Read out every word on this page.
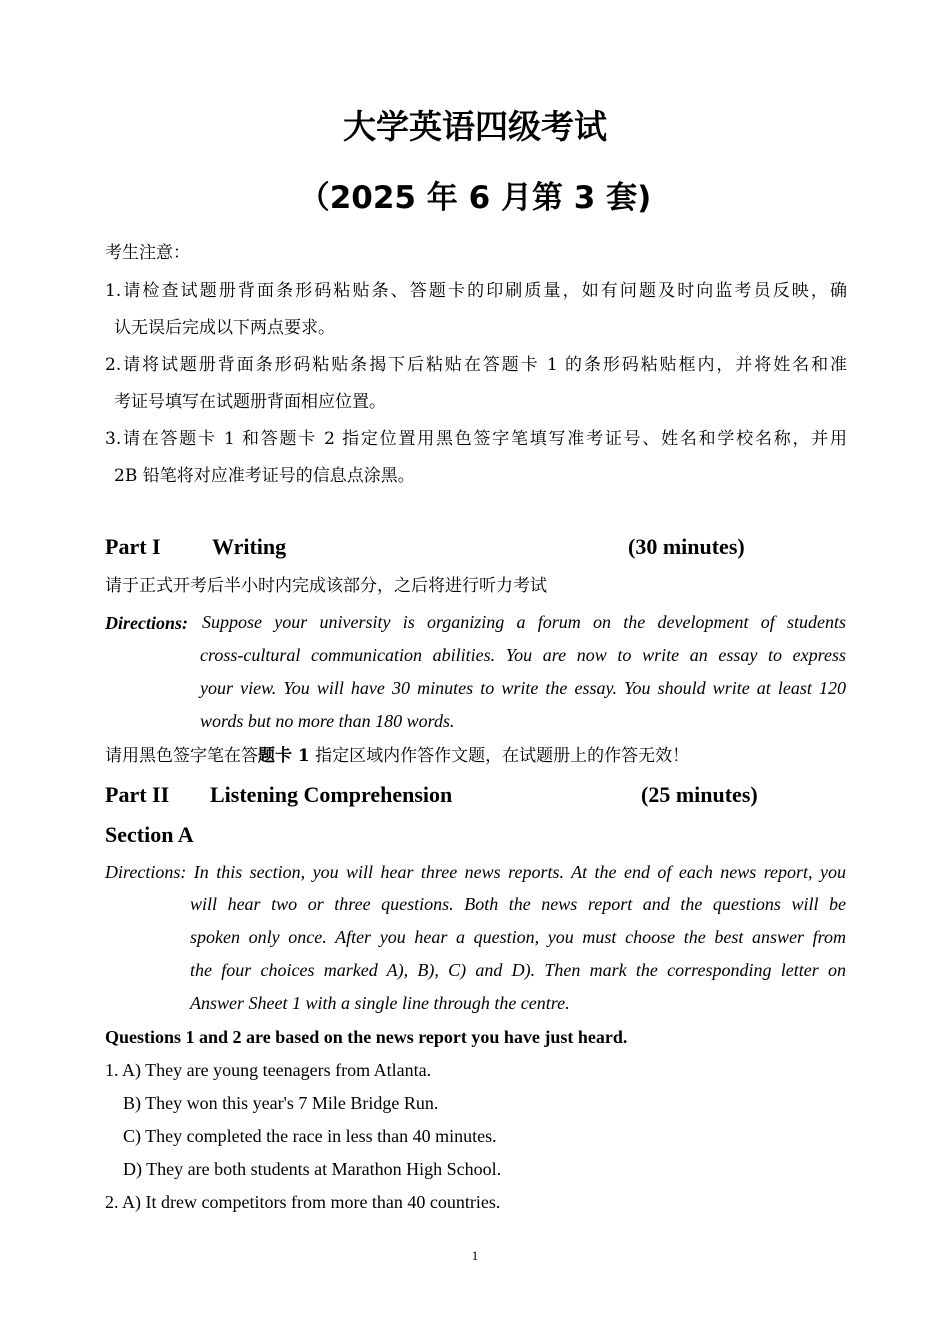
大学英语四级考试
（2025 年 6 月第 3 套)
考生注意：
1.请检查试题册背面条形码粘贴条、答题卡的印刷质量，如有问题及时向监考员反映，确
认无误后完成以下两点要求。
2.请将试题册背面条形码粘贴条揭下后粘贴在答题卡 1 的条形码粘贴框内，并将姓名和准
考证号填写在试题册背面相应位置。
3.请在答题卡 1 和答题卡 2 指定位置用黑色签字笔填写准考证号、姓名和学校名称，并用
2B 铅笔将对应准考证号的信息点涂黑。
Part I Writing	(30 minutes)
请于正式开考后半小时内完成该部分，之后将进行听力考试
Directions: Suppose your university is organizing a forum on the development of students
cross-cultural communication abilities. You are now to write an essay to express
your view. You will have 30 minutes to write the essay. You should write at least 120
words but no more than 180 words.
请用黑色签字笔在答题卡 1 指定区域内作答作文题，在试题册上的作答无效！
Part II Listening Comprehension	(25 minutes)
Section A
Directions: In this section, you will hear three news reports. At the end of each news report, you
will hear two or three questions. Both the news report and the questions will be
spoken only once. After you hear a question, you must choose the best answer from
the four choices marked A), B), C) and D). Then mark the corresponding letter on
Answer Sheet 1 with a single line through the centre.
Questions 1 and 2 are based on the news report you have just heard.
1. A) They are young teenagers from Atlanta.
B) They won this year's 7 Mile Bridge Run.
C) They completed the race in less than 40 minutes.
D) They are both students at Marathon High School.
2. A) It drew competitors from more than 40 countries.
1
